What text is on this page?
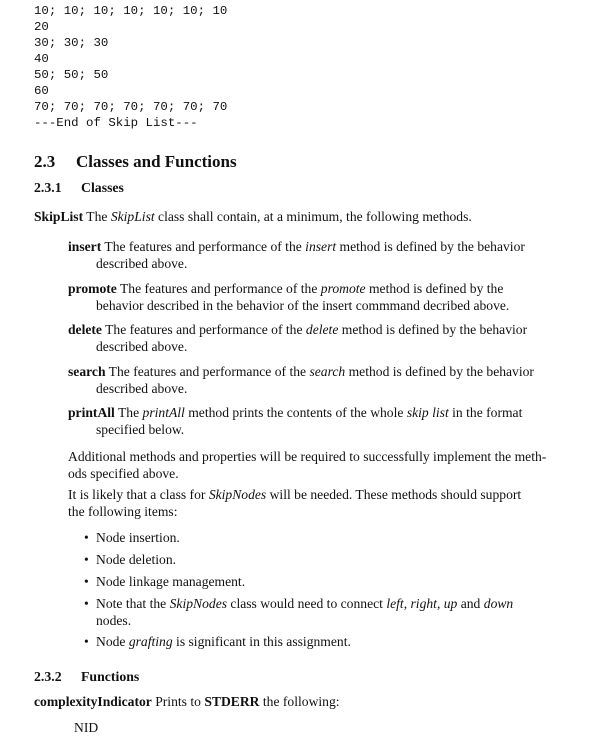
10; 10; 10; 10; 10; 10; 10
20
30; 30; 30
40
50; 50; 50
60
70; 70; 70; 70; 70; 70; 70
---End of Skip List---
2.3 Classes and Functions
2.3.1 Classes
SkipList The SkipList class shall contain, at a minimum, the following methods.
insert The features and performance of the insert method is defined by the behavior
described above.
promote The features and performance of the promote method is defined by the
behavior described in the behavior of the insert commmand decribed above.
delete The features and performance of the delete method is defined by the behavior
described above.
search The features and performance of the search method is defined by the behavior
described above.
printAll The printAll method prints the contents of the whole skip list in the format
specified below.
Additional methods and properties will be required to successfully implement the meth-
ods specified above.
It is likely that a class for SkipNodes will be needed. These methods should support
the following items:
• Node insertion.
• Node deletion.
• Node linkage management.
• Note that the SkipNodes class would need to connect left, right, up and down
nodes.
• Node grafting is significant in this assignment.
2.3.2 Functions
complexityIndicator Prints to STDERR the following:
NID
